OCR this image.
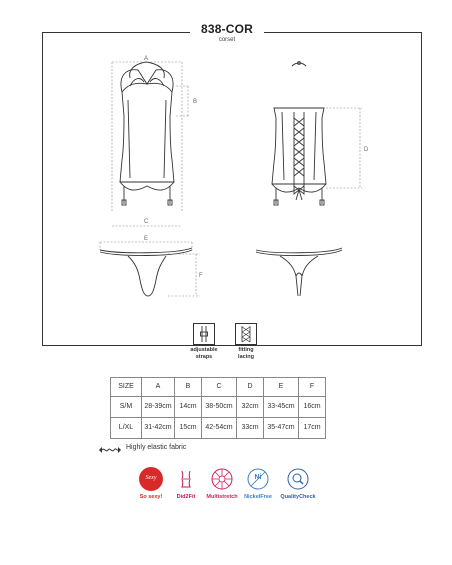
A
B
C
D
E
F
838-COR
corset
adjustable
straps
fitting
lacing
SIZE	A	B	C	D	E	F
S/M	28-39cm	14cm	38-50cm	32cm	33-45cm	16cm
L/XL	31-42cm	15cm	42-54cm	33cm	35-47cm	17cm
Highly elastic fabric
Sexy
So sexy!	Did2Fit	Multistretch
Ni
NickelFree	QualityCheck
